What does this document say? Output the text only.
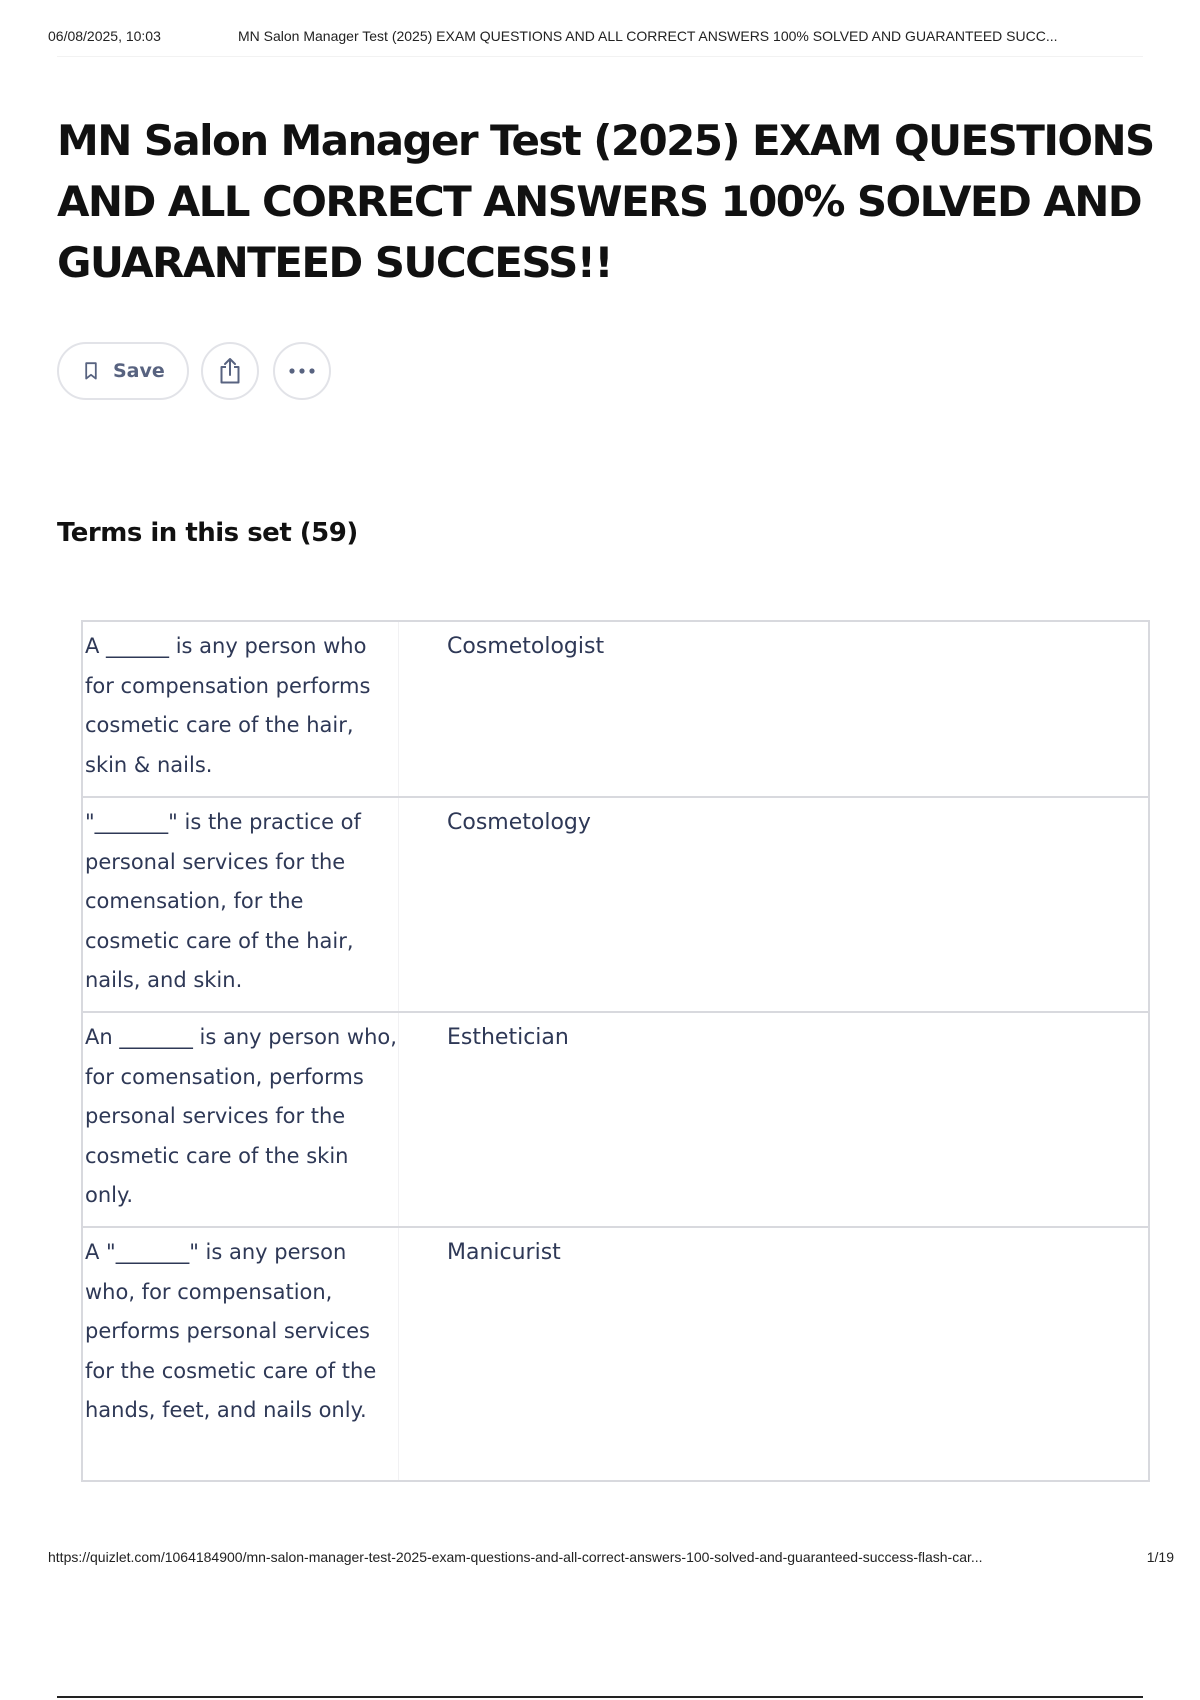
06/08/2025, 10:03	MN Salon Manager Test (2025) EXAM QUESTIONS AND ALL CORRECT ANSWERS 100% SOLVED AND GUARANTEED SUCC...
MN Salon Manager Test (2025) EXAM QUESTIONS AND ALL CORRECT ANSWERS 100% SOLVED AND GUARANTEED SUCCESS!!
Save
Terms in this set (59)
A ______ is any person who for compensation performs cosmetic care of the hair, skin & nails.
Cosmetologist
"_______" is the practice of personal services for the comensation, for the cosmetic care of the hair, nails, and skin.
Cosmetology
An _______ is any person who, for comensation, performs personal services for the cosmetic care of the skin only.
Esthetician
A "_______" is any person who, for compensation, performs personal services for the cosmetic care of the hands, feet, and nails only.
Manicurist
https://quizlet.com/1064184900/mn-salon-manager-test-2025-exam-questions-and-all-correct-answers-100-solved-and-guaranteed-success-flash-car...	1/19
